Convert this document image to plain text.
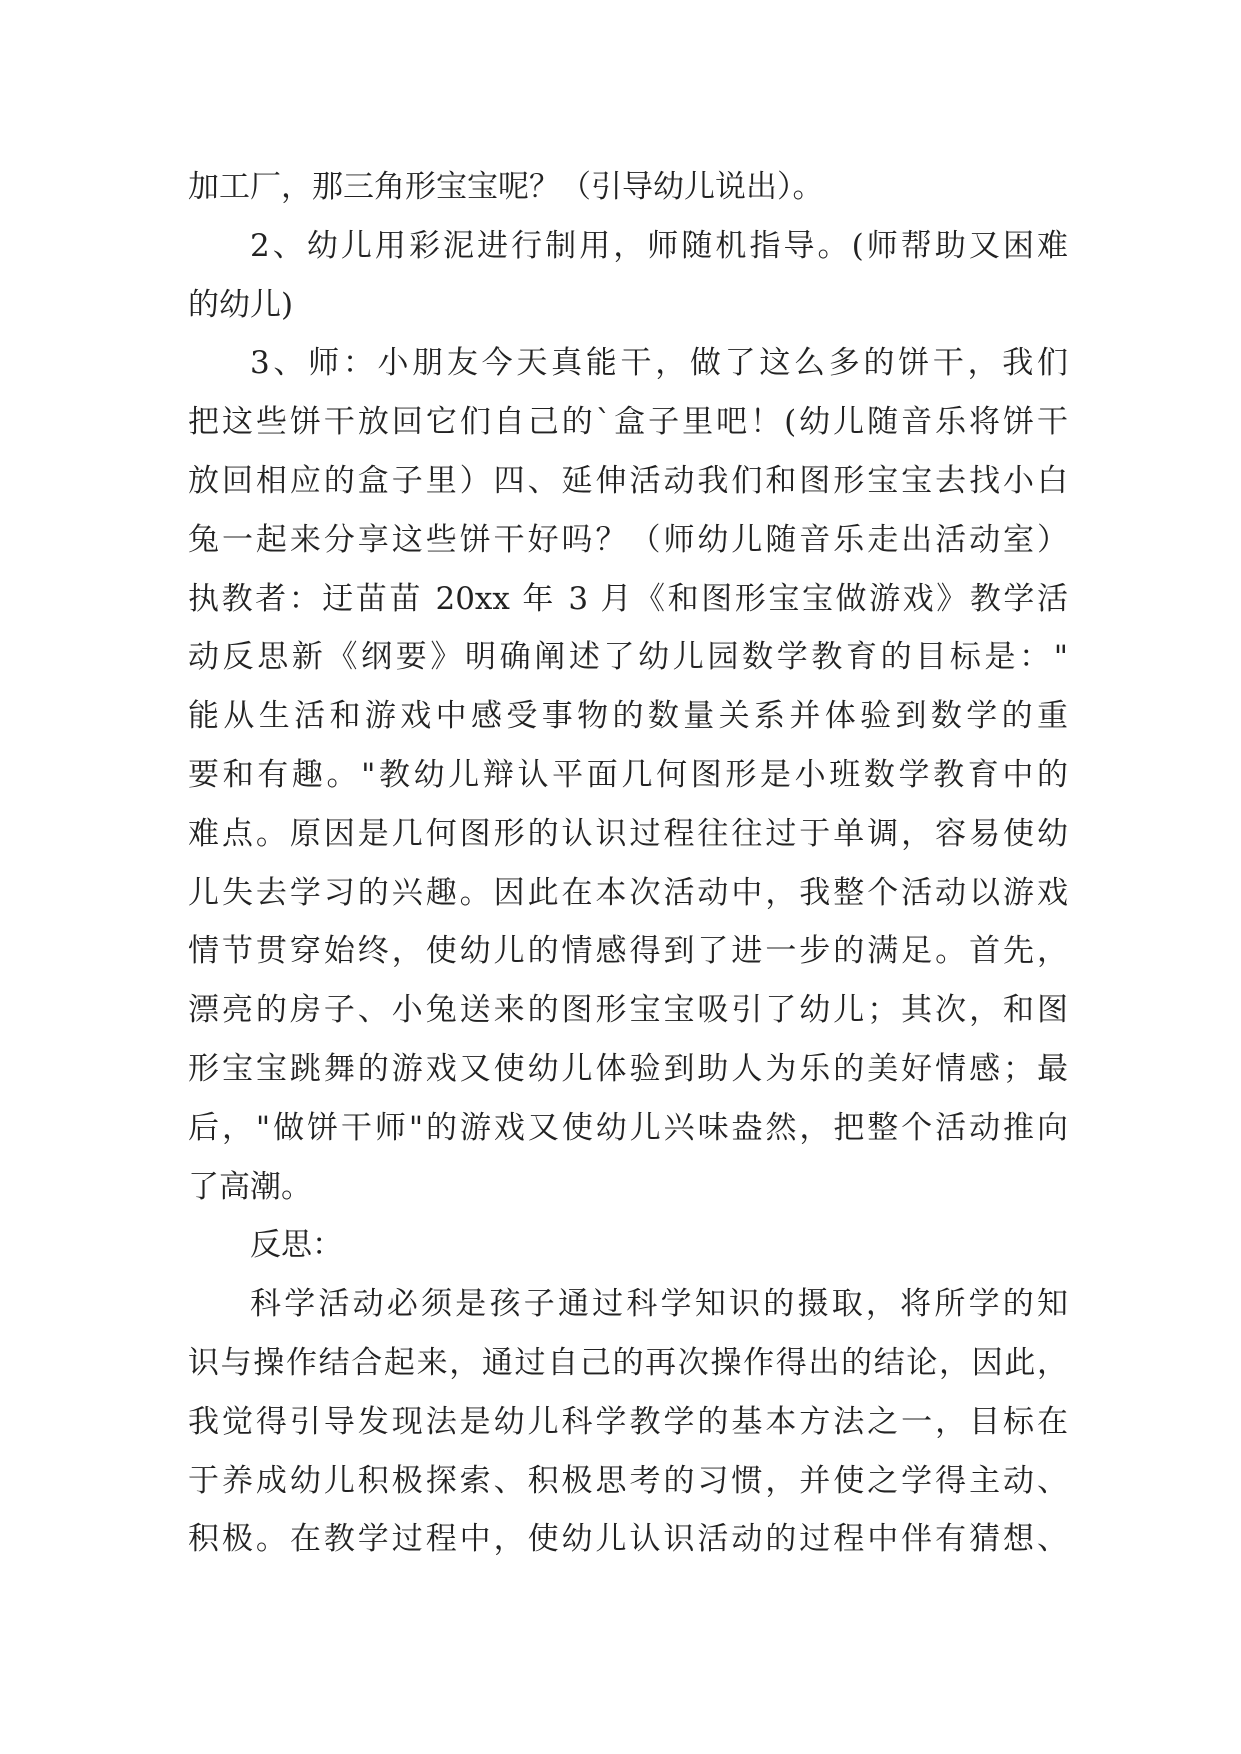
加工厂，那三角形宝宝呢？（引导幼儿说出）。
2、幼儿用彩泥进行制用，师随机指导。(师帮助又困难
的幼儿)
3、师：小朋友今天真能干，做了这么多的饼干，我们
把这些饼干放回它们自己的`盒子里吧！(幼儿随音乐将饼干
放回相应的盒子里）四、延伸活动我们和图形宝宝去找小白
兔一起来分享这些饼干好吗？（师幼儿随音乐走出活动室）
执教者：迂苗苗 20xx 年 3 月《和图形宝宝做游戏》教学活
动反思新《纲要》明确阐述了幼儿园数学教育的目标是："
能从生活和游戏中感受事物的数量关系并体验到数学的重
要和有趣。"教幼儿辩认平面几何图形是小班数学教育中的
难点。原因是几何图形的认识过程往往过于单调，容易使幼
儿失去学习的兴趣。因此在本次活动中，我整个活动以游戏
情节贯穿始终，使幼儿的情感得到了进一步的满足。首先，
漂亮的房子、小兔送来的图形宝宝吸引了幼儿；其次，和图
形宝宝跳舞的游戏又使幼儿体验到助人为乐的美好情感；最
后，"做饼干师"的游戏又使幼儿兴味盎然，把整个活动推向
了高潮。
反思：
科学活动必须是孩子通过科学知识的摄取，将所学的知
识与操作结合起来，通过自己的再次操作得出的结论，因此，
我觉得引导发现法是幼儿科学教学的基本方法之一，目标在
于养成幼儿积极探索、积极思考的习惯，并使之学得主动、
积极。在教学过程中，使幼儿认识活动的过程中伴有猜想、
